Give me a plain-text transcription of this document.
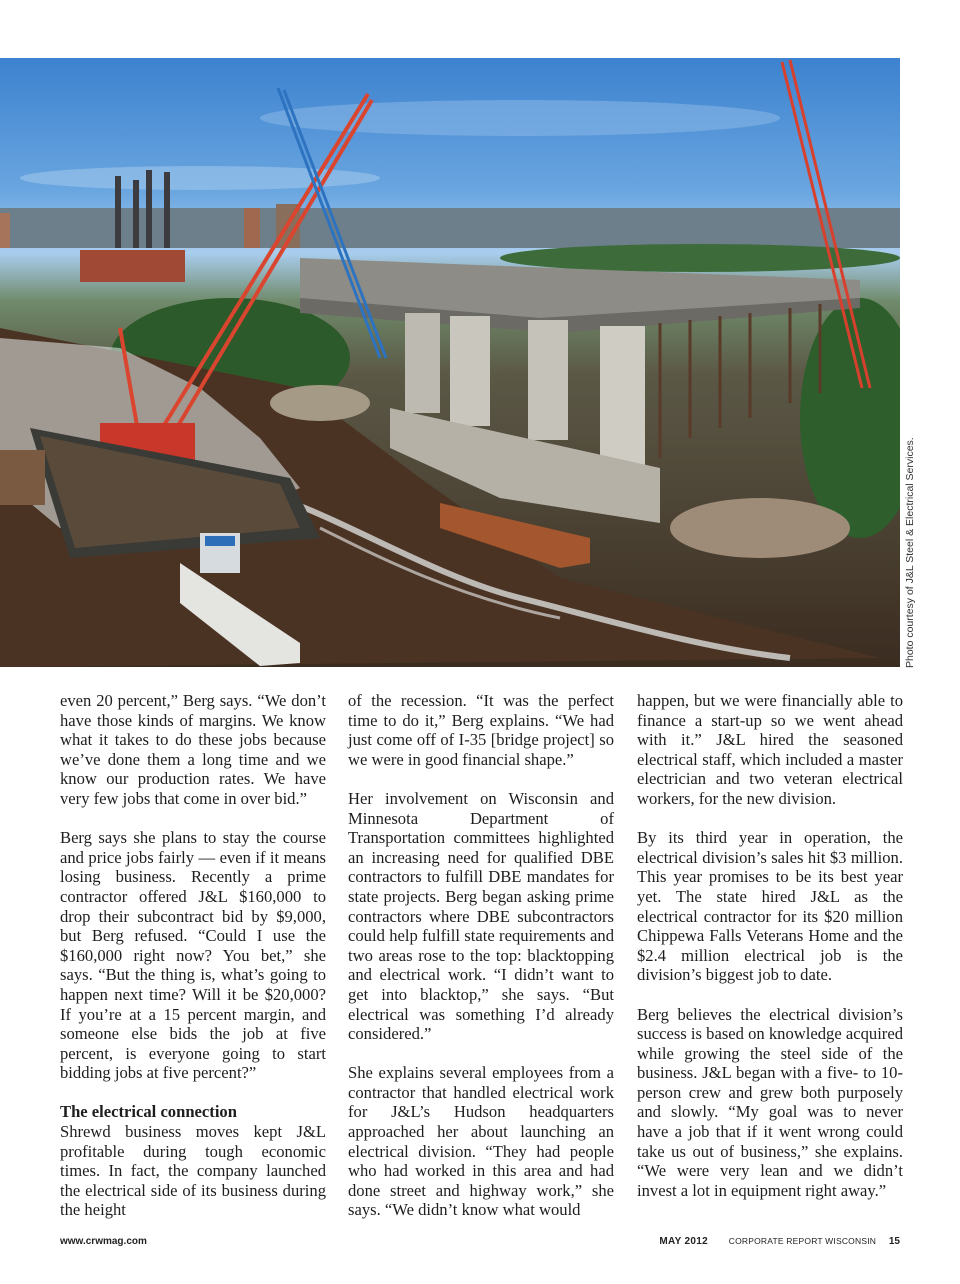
Photo courtesy of J&L Steel & Electrical Services.

even 20 percent,” Berg says. “We don’t have those kinds of margins. We know what it takes to do these jobs because we’ve done them a long time and we know our production rates. We have very few jobs that come in over bid.”

Berg says she plans to stay the course and price jobs fairly — even if it means losing business. Recently a prime contractor offered J&L $160,000 to drop their subcontract bid by $9,000, but Berg refused. “Could I use the $160,000 right now? You bet,” she says. “But the thing is, what’s going to happen next time? Will it be $20,000? If you’re at a 15 percent margin, and someone else bids the job at five percent, is everyone going to start bidding jobs at five percent?”

The electrical connection

Shrewd business moves kept J&L profitable during tough economic times. In fact, the company launched the electrical side of its business during the height

of the recession. “It was the perfect time to do it,” Berg explains. “We had just come off of I-35 [bridge project] so we were in good financial shape.”

Her involvement on Wisconsin and Minnesota Department of Transportation committees highlighted an increasing need for qualified DBE contractors to fulfill DBE mandates for state projects. Berg began asking prime contractors where DBE subcontractors could help fulfill state requirements and two areas rose to the top: blacktopping and electrical work. “I didn’t want to get into blacktop,” she says. “But electrical was something I’d already considered.”

She explains several employees from a contractor that handled electrical work for J&L’s Hudson headquarters approached her about launching an electrical division. “They had people who had worked in this area and had done street and highway work,” she says. “We didn’t know what would

happen, but we were financially able to finance a start-up so we went ahead with it.” J&L hired the seasoned electrical staff, which included a master electrician and two veteran electrical workers, for the new division.

By its third year in operation, the electrical division’s sales hit $3 million. This year promises to be its best year yet. The state hired J&L as the electrical contractor for its $20 million Chippewa Falls Veterans Home and the $2.4 million electrical job is the division’s biggest job to date.

Berg believes the electrical division’s success is based on knowledge acquired while growing the steel side of the business. J&L began with a five- to 10-person crew and grew both purposely and slowly. “My goal was to never have a job that if it went wrong could take us out of business,” she explains. “We were very lean and we didn’t invest a lot in equipment right away.”

www.crwmag.com	MAY 2012 CORPORATE REPORT WISCONSIN 15
